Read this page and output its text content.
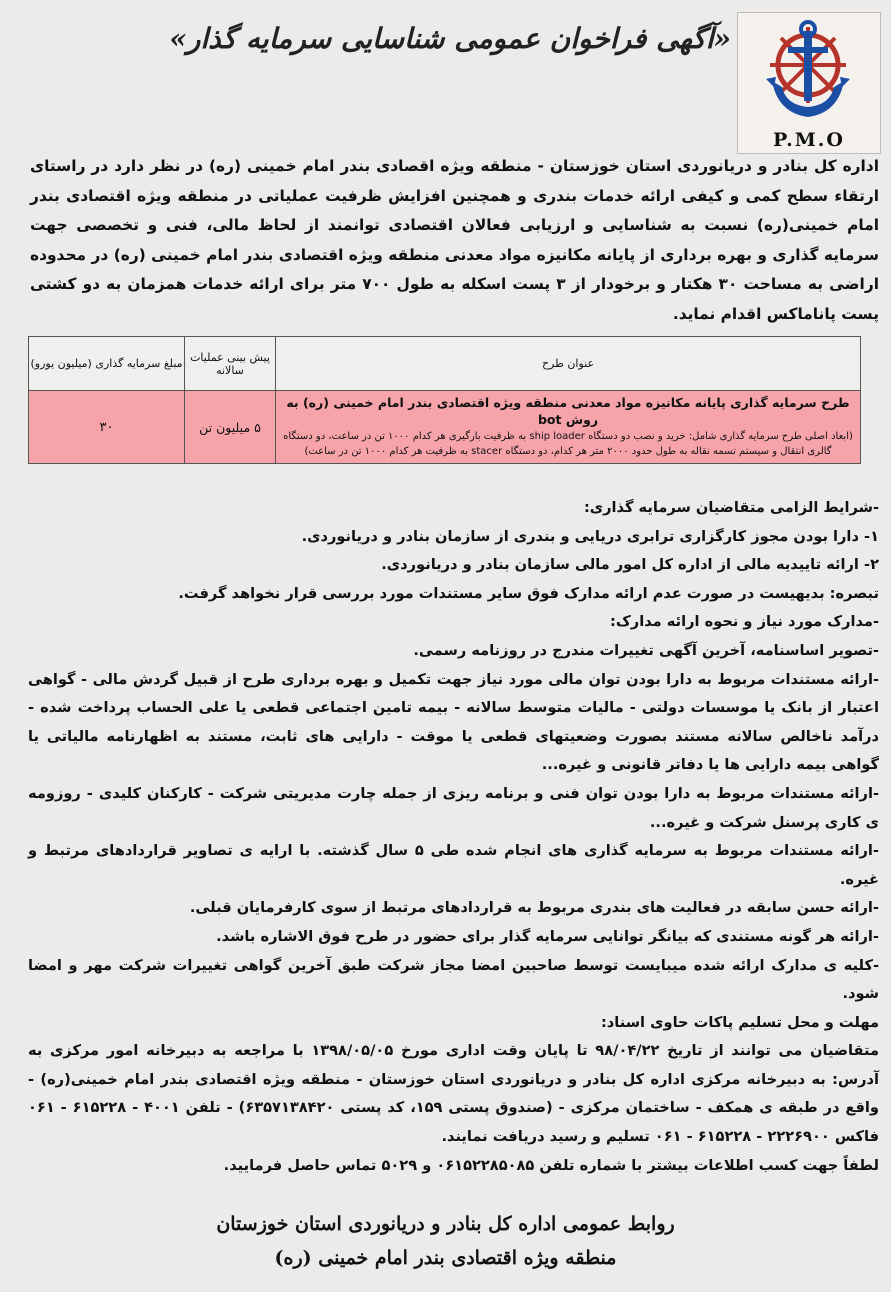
P.M.O
«آگهی فراخوان عمومی شناسایی سرمایه گذار»
اداره کل بنادر و دریانوردی استان خوزستان - منطقه ویژه اقصادی بندر امام خمینی (ره) در نظر دارد در راستای ارتقاء سطح کمی و کیفی ارائه خدمات بندری و همچنین افزایش ظرفیت عملیاتی در منطقه ویژه اقتصادی بندر امام خمینی(ره) نسبت به شناسایی و ارزیابی فعالان اقتصادی توانمند از لحاظ مالی، فنی و تخصصی جهت سرمایه گذاری و بهره برداری از پایانه مکانیزه مواد معدنی منطقه ویژه اقتصادی بندر امام خمینی (ره) در محدوده اراضی به مساحت ۳۰ هکتار و برخودار از ۳ پست اسکله به طول ۷۰۰ متر برای ارائه خدمات همزمان به دو کشتی پست پاناماکس اقدام نماید.
عنوان طرح	پیش بینی عملیات سالانه	مبلغ سرمایه گذاری (میلیون یورو)

طرح سرمایه گذاری پایانه مکانیزه مواد معدنی منطقه ویژه اقتصادی بندر امام خمینی (ره) به روش bot
(ابعاد اصلی طرح سرمایه گذاری شامل: خرید و نصب دو دستگاه ship loader به ظرفیت بارگیری هر کدام ۱۰۰۰ تن در ساعت، دو دستگاه گالری انتقال و سیستم تسمه نقاله به طول حدود ۲۰۰۰ متر هر کدام، دو دستگاه stacer به ظرفیت هر کدام ۱۰۰۰ تن در ساعت)	۵ میلیون تن	۳۰

-شرایط الزامی متقاضیان سرمایه گذاری:

۱- دارا بودن مجوز کارگزاری ترابری دریایی و بندری از سازمان بنادر و دریانوردی.

۲- ارائه تاییدیه مالی از اداره کل امور مالی سازمان بنادر و دریانوردی.

تبصره: بدیهیست در صورت عدم ارائه مدارک فوق سایر مستندات مورد بررسی قرار نخواهد گرفت.

-مدارک مورد نیاز و نحوه ارائه مدارک:

-تصویر اساسنامه، آخرین آگهی تغییرات مندرج در روزنامه رسمی.

-ارائه مستندات مربوط به دارا بودن توان مالی مورد نیاز جهت تکمیل و بهره برداری طرح از قبیل گردش مالی - گواهی اعتبار از بانک یا موسسات دولتی - مالیات متوسط سالانه - بیمه تامین اجتماعی قطعی یا علی الحساب پرداخت شده - درآمد ناخالص سالانه مستند بصورت وضعیتهای قطعی یا موقت - دارایی های ثابت، مستند به اظهارنامه مالیاتی یا گواهی بیمه دارایی ها یا دفاتر قانونی و غیره...

-ارائه مستندات مربوط به دارا بودن توان فنی و برنامه ریزی از جمله چارت مدیریتی شرکت - کارکنان کلیدی - روزومه ی کاری پرسنل شرکت و غیره...

-ارائه مستندات مربوط به سرمایه گذاری های انجام شده طی ۵ سال گذشته. با ارایه ی تصاویر قراردادهای مرتبط و غیره.

-ارائه حسن سابقه در فعالیت های بندری مربوط به قراردادهای مرتبط از سوی کارفرمایان قبلی.

-ارائه هر گونه مستندی که بیانگر توانایی سرمایه گذار برای حضور در طرح فوق الاشاره باشد.

-کلیه ی مدارک ارائه شده میبایست توسط صاحبین امضا مجاز شرکت طبق آخرین گواهی تغییرات شرکت مهر و امضا شود.

مهلت و محل تسلیم پاکات حاوی اسناد:

متقاضیان می توانند از تاریخ ۹۸/۰۴/۲۲ تا پایان وقت اداری مورخ ۱۳۹۸/۰۵/۰۵ با مراجعه به دبیرخانه امور مرکزی به آدرس: به دبیرخانه مرکزی اداره کل بنادر و دریانوردی استان خوزستان - منطقه ویژه اقتصادی بندر امام خمینی(ره) - واقع در طبقه ی همکف - ساختمان مرکزی - (صندوق پستی ۱۵۹، کد پستی ۶۳۵۷۱۳۸۴۲۰) - تلفن ۴۰۰۱ - ۶۱۵۲۲۸ - ۰۶۱ فاکس ۲۲۲۶۹۰۰ - ۶۱۵۲۲۸ - ۰۶۱ تسلیم و رسید دریافت نمایند.

لطفاً جهت کسب اطلاعات بیشتر با شماره تلفن ۰۶۱۵۲۲۸۵۰۸۵ و ۵۰۲۹ تماس حاصل فرمایید.

روابط عمومی اداره کل بنادر و دریانوردی استان خوزستان
منطقه ویژه اقتصادی بندر امام خمینی (ره)
